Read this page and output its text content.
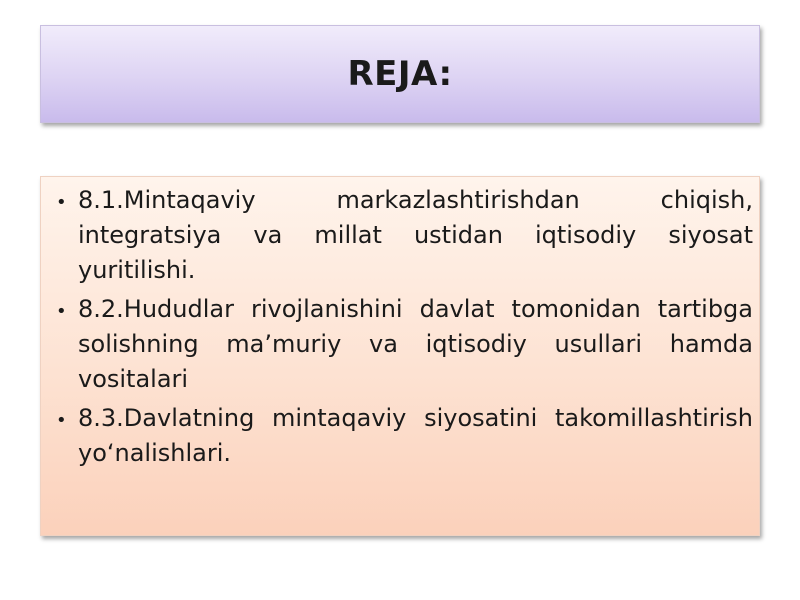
REJA:
• 8.1.Mintaqaviy markazlashtirishdan chiqish, integratsiya va millat ustidan iqtisodiy siyosat yuritilishi.
• 8.2.Hududlar rivojlanishini davlat tomonidan tartibga solishning ma’muriy va iqtisodiy usullari hamda vositalari
• 8.3.Davlatning mintaqaviy siyosatini takomillashtirish yo‘nalishlari.
